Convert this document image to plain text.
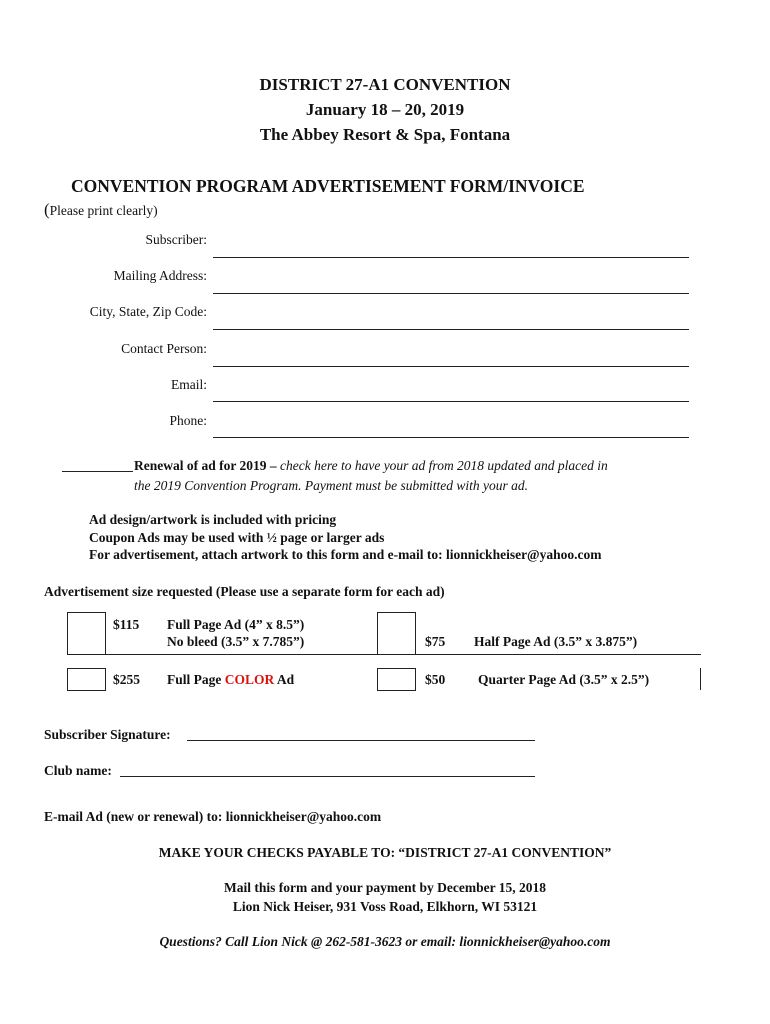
DISTRICT 27-A1 CONVENTION
January 18 – 20, 2019
The Abbey Resort & Spa, Fontana
CONVENTION PROGRAM ADVERTISEMENT FORM/INVOICE
(Please print clearly)
Subscriber:
Mailing Address:
City, State, Zip Code:
Contact Person:
Email:
Phone:
Renewal of ad for 2019 – check here to have your ad from 2018 updated and placed in
the 2019 Convention Program. Payment must be submitted with your ad.
Ad design/artwork is included with pricing
Coupon Ads may be used with ½ page or larger ads
For advertisement, attach artwork to this form and e-mail to: lionnickheiser@yahoo.com
Advertisement size requested (Please use a separate form for each ad)
$115 Full Page Ad (4” x 8.5”)
No bleed (3.5” x 7.785”)	$75 Half Page Ad (3.5” x 3.875”)
$255 Full Page COLOR Ad	$50 Quarter Page Ad (3.5” x 2.5”)
Subscriber Signature:
Club name:
E-mail Ad (new or renewal) to: lionnickheiser@yahoo.com
MAKE YOUR CHECKS PAYABLE TO: “DISTRICT 27-A1 CONVENTION”
Mail this form and your payment by December 15, 2018
Lion Nick Heiser, 931 Voss Road, Elkhorn, WI 53121
Questions? Call Lion Nick @ 262-581-3623 or email: lionnickheiser@yahoo.com
